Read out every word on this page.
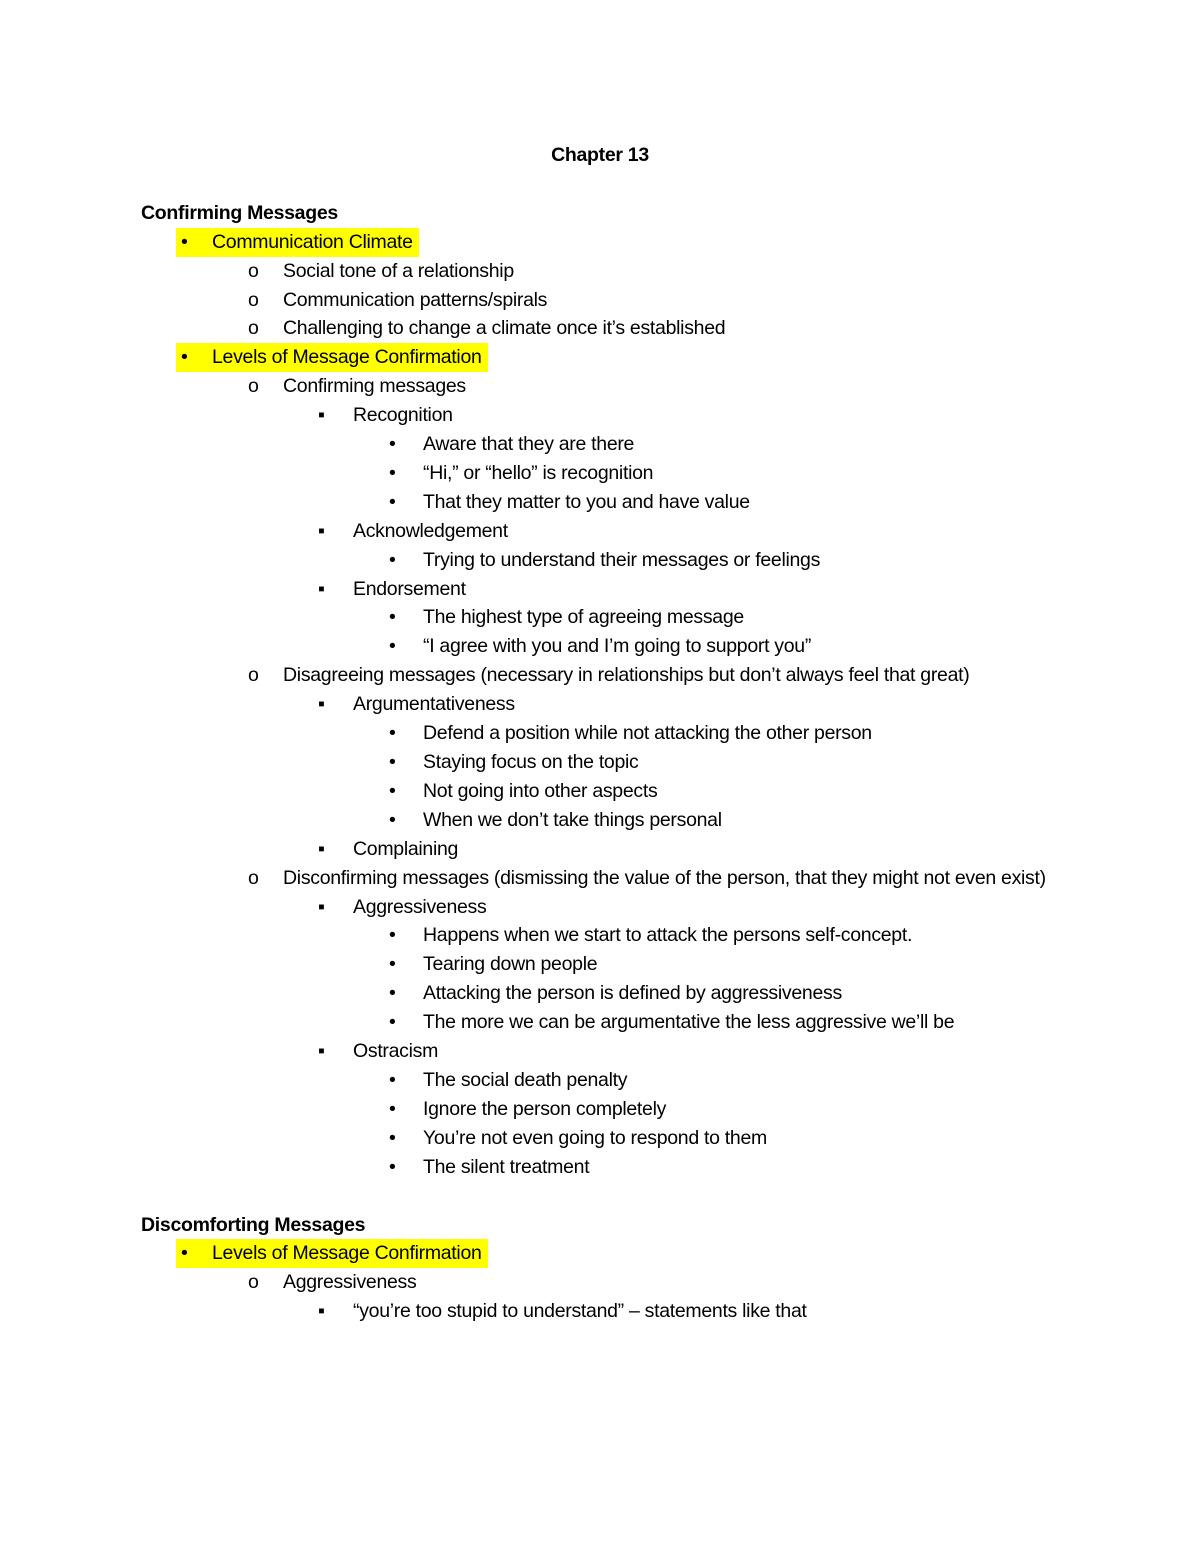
Chapter 13
Confirming Messages
•	Communication Climate
o Social tone of a relationship
o Communication patterns/spirals
o Challenging to change a climate once it’s established
•	Levels of Message Confirmation
o Confirming messages
▪ Recognition
• Aware that they are there
• “Hi,” or “hello” is recognition
• That they matter to you and have value
▪ Acknowledgement
• Trying to understand their messages or feelings
▪ Endorsement
• The highest type of agreeing message
• “I agree with you and I’m going to support you”
o Disagreeing messages (necessary in relationships but don’t always feel that great)
▪ Argumentativeness
• Defend a position while not attacking the other person
• Staying focus on the topic
• Not going into other aspects
• When we don’t take things personal
▪ Complaining
o Disconfirming messages (dismissing the value of the person, that they might not even exist)
▪ Aggressiveness
• Happens when we start to attack the persons self-concept.
• Tearing down people
• Attacking the person is defined by aggressiveness
• The more we can be argumentative the less aggressive we’ll be
▪ Ostracism
• The social death penalty
• Ignore the person completely
• You’re not even going to respond to them
• The silent treatment
Discomforting Messages
•	Levels of Message Confirmation
o Aggressiveness
▪ “you’re too stupid to understand” – statements like that
